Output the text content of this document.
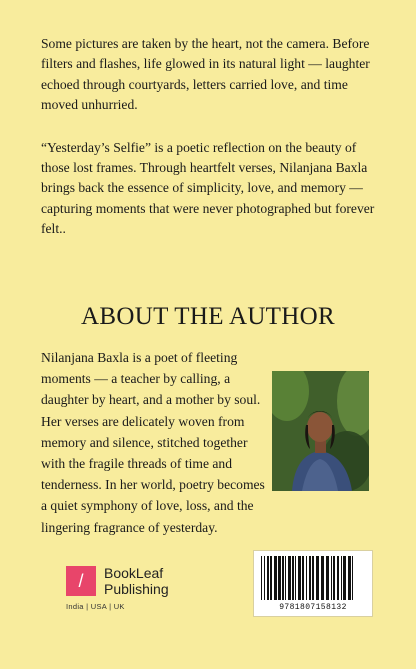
Some pictures are taken by the heart, not the camera. Before filters and flashes, life glowed in its natural light — laughter echoed through courtyards, letters carried love, and time moved unhurried.

“Yesterday’s Selfie” is a poetic reflection on the beauty of those lost frames. Through heartfelt verses, Nilanjana Baxla brings back the essence of simplicity, love, and memory — capturing moments that were never photographed but forever felt..

ABOUT THE AUTHOR
Nilanjana Baxla is a poet of fleeting moments — a teacher by calling, a daughter by heart, and a mother by soul. Her verses are delicately woven from memory and silence, stitched together with the fragile threads of time and tenderness. In her world, poetry becomes a quiet symphony of love, loss, and the lingering fragrance of yesterday.
/	BookLeaf
Publishing
India | USA | UK	9781807158132
